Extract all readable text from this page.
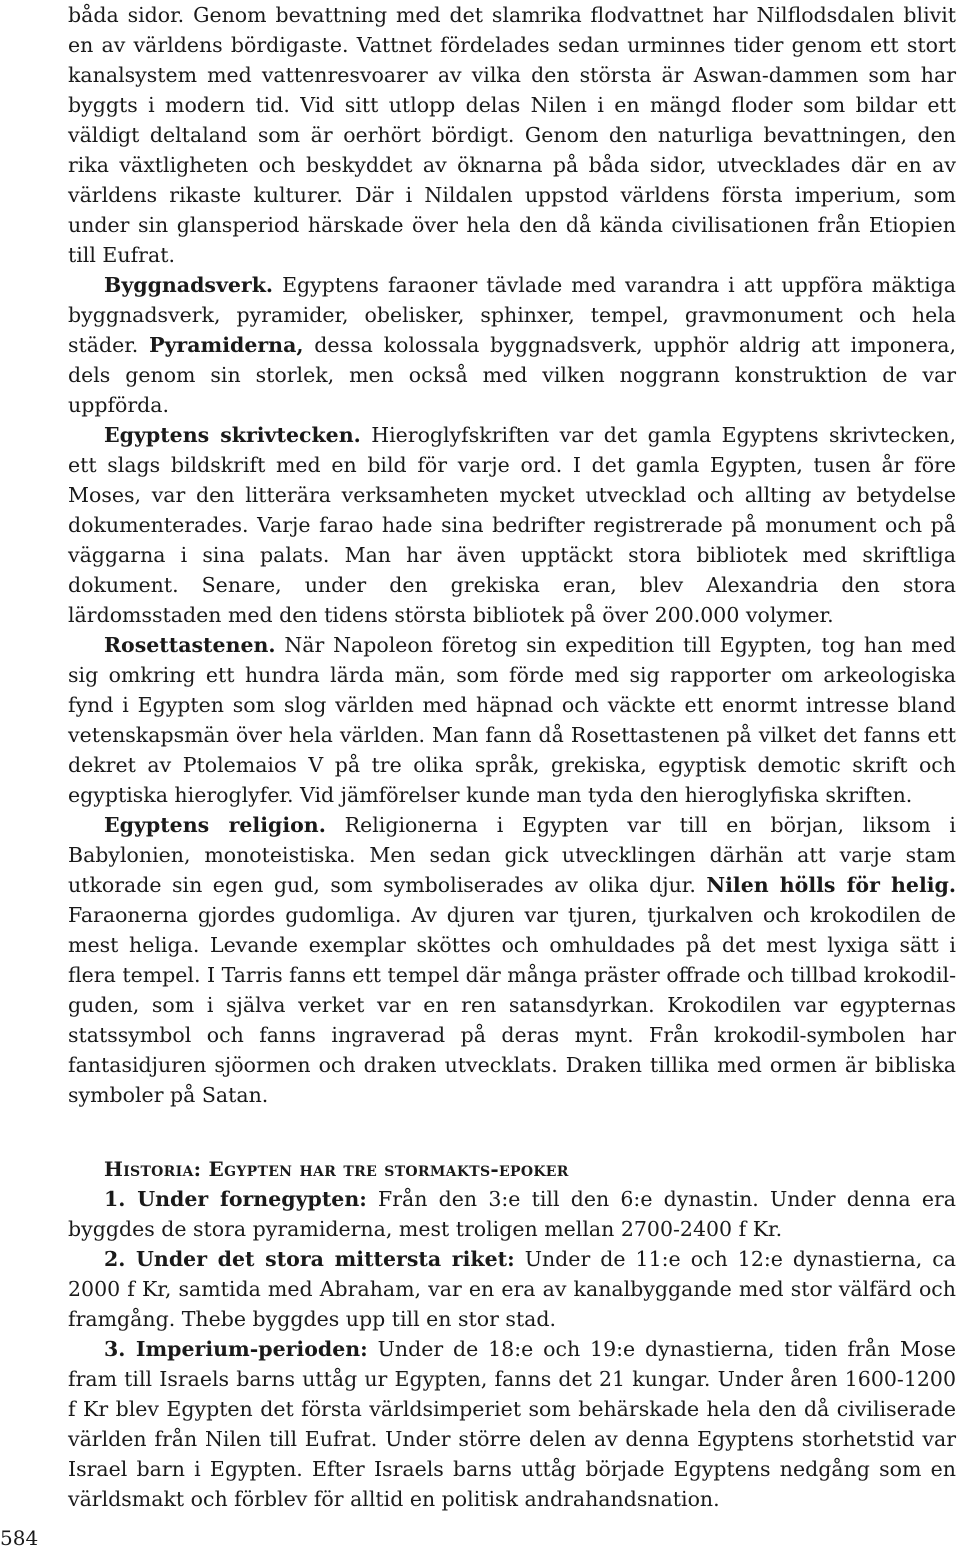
båda sidor. Genom bevattning med det slamrika flodvattnet har Nilflodsdalen blivit en av världens bördigaste. Vattnet fördelades sedan urminnes tider genom ett stort kanalsystem med vattenresvoarer av vilka den största är Aswan-dammen som har byggts i modern tid. Vid sitt utlopp delas Nilen i en mängd floder som bildar ett väldigt deltaland som är oerhört bördigt. Genom den naturliga bevattningen, den rika växtligheten och beskyddet av öknarna på båda sidor, utvecklades där en av världens rikaste kulturer. Där i Nildalen uppstod världens första imperium, som under sin glansperiod härskade över hela den då kända civilisationen från Etiopien till Eufrat.

Byggnadsverk. Egyptens faraoner tävlade med varandra i att uppföra mäktiga byggnadsverk, pyramider, obelisker, sphinxer, tempel, gravmonument och hela städer. Pyramiderna, dessa kolossala byggnadsverk, upphör aldrig att imponera, dels genom sin storlek, men också med vilken noggrann konstruktion de var uppförda.

Egyptens skrivtecken. Hieroglyfskriften var det gamla Egyptens skrivtecken, ett slags bildskrift med en bild för varje ord. I det gamla Egypten, tusen år före Moses, var den litterära verksamheten mycket utvecklad och allting av betydelse dokumenterades. Varje farao hade sina bedrifter registrerade på monument och på väggarna i sina palats. Man har även upptäckt stora bibliotek med skriftliga dokument. Senare, under den grekiska eran, blev Alexandria den stora lärdomsstaden med den tidens största bibliotek på över 200.000 volymer.

Rosettastenen. När Napoleon företog sin expedition till Egypten, tog han med sig omkring ett hundra lärda män, som förde med sig rapporter om arkeologiska fynd i Egypten som slog världen med häpnad och väckte ett enormt intresse bland vetenskapsmän över hela världen. Man fann då Rosettastenen på vilket det fanns ett dekret av Ptolemaios V på tre olika språk, grekiska, egyptisk demotic skrift och egyptiska hieroglyfer. Vid jämförelser kunde man tyda den hieroglyfiska skriften.

Egyptens religion. Religionerna i Egypten var till en början, liksom i Babylonien, monoteistiska. Men sedan gick utvecklingen därhän att varje stam utkorade sin egen gud, som symboliserades av olika djur. Nilen hölls för helig. Faraonerna gjordes gudomliga. Av djuren var tjuren, tjurkalven och krokodilen de mest heliga. Levande exemplar sköttes och omhuldades på det mest lyxiga sätt i flera tempel. I Tarris fanns ett tempel där många präster offrade och tillbad krokodil-guden, som i själva verket var en ren satansdyrkan. Krokodilen var egypternas statssymbol och fanns ingraverad på deras mynt. Från krokodil-symbolen har fantasidjuren sjöormen och draken utvecklats. Draken tillika med ormen är bibliska symboler på Satan.

Historia: Egypten har tre stormakts-epoker

1. Under fornegypten: Från den 3:e till den 6:e dynastin. Under denna era byggdes de stora pyramiderna, mest troligen mellan 2700-2400 f Kr.

2. Under det stora mittersta riket: Under de 11:e och 12:e dynastierna, ca 2000 f Kr, samtida med Abraham, var en era av kanalbyggande med stor välfärd och framgång. Thebe byggdes upp till en stor stad.

3. Imperium-perioden: Under de 18:e och 19:e dynastierna, tiden från Mose fram till Israels barns uttåg ur Egypten, fanns det 21 kungar. Under åren 1600-1200 f Kr blev Egypten det första världsimperiet som behärskade hela den då civiliserade världen från Nilen till Eufrat. Under större delen av denna Egyptens storhetstid var Israel barn i Egypten. Efter Israels barns uttåg började Egyptens nedgång som en världsmakt och förblev för alltid en politisk andrahandsnation.

584
